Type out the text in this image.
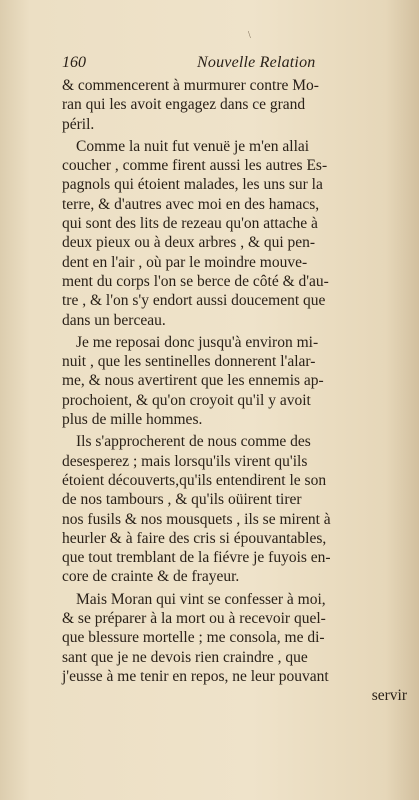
160	Nouvelle Relation
\
& commencerent à murmurer contre Mo-
ran qui les avoit engagez dans ce grand
péril.
Comme la nuit fut venuë je m'en allai
coucher , comme firent aussi les autres Es-
pagnols qui étoient malades, les uns sur la
terre, & d'autres avec moi en des hamacs,
qui sont des lits de rezeau qu'on attache à
deux pieux ou à deux arbres , & qui pen-
dent en l'air , où par le moindre mouve-
ment du corps l'on se berce de côté & d'au-
tre , & l'on s'y endort aussi doucement que
dans un berceau.
Je me reposai donc jusqu'à environ mi-
nuit , que les sentinelles donnerent l'alar-
me, & nous avertirent que les ennemis ap-
prochoient, & qu'on croyoit qu'il y avoit
plus de mille hommes.
Ils s'approcherent de nous comme des
desesperez ; mais lorsqu'ils virent qu'ils
étoient découverts,qu'ils entendirent le son
de nos tambours , & qu'ils oüirent tirer
nos fusils & nos mousquets , ils se mirent à
heurler & à faire des cris si épouvantables,
que tout tremblant de la fiévre je fuyois en-
core de crainte & de frayeur.
Mais Moran qui vint se confesser à moi,
& se préparer à la mort ou à recevoir quel-
que blessure mortelle ; me consola, me di-
sant que je ne devois rien craindre , que
j'eusse à me tenir en repos, ne leur pouvant
servir
